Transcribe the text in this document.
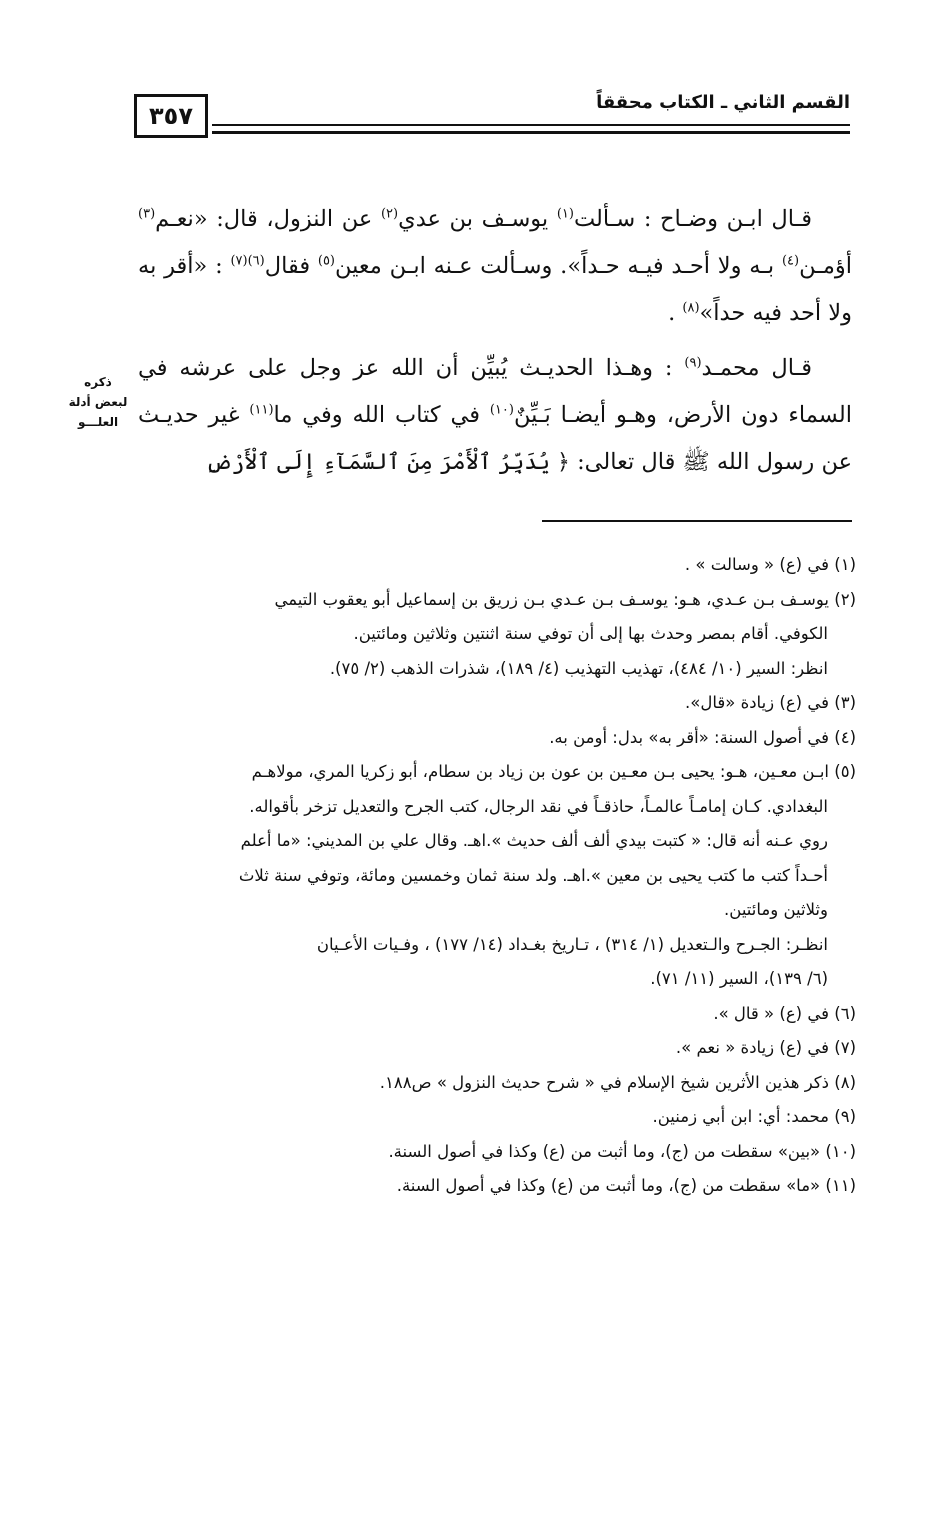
٣٥٧	القسم الثاني ـ الكتاب محققاً
ذكره
لبعض أدلة
العلـــو

قـال ابـن وضـاح : سـألت$^{(١)}$ يوسـف بن عدي$^{(٢)}$ عن النزول، قال: «نعـم$^{(٣)}$ أؤمـن$^{(٤)}$ بـه ولا أحـد فيـه حـداً». وسـألت عـنه ابـن معين$^{(٥)}$ فقال$^{(٦)(٧)}$ : «أقر به ولا أحد فيه حداً»$^{(٨)}$ .

قـال محمـد$^{(٩)}$ : وهـذا الحديـث يُبيِّن أن الله عز وجل على عرشه في السماء دون الأرض، وهـو أيضـا بَـيِّنٌ$^{(١٠)}$ في كتاب الله وفي ما$^{(١١)}$ غير حديـث عن رسول الله ﷺ قال تعالى: ﴿ يُدَبِّرُ ٱلْأَمْرَ مِنَ ٱلسَّمَآءِ إِلَى ٱلْأَرْضِ

(١) في (ع) « وسالت » .
(٢) يوسـف بـن عـدي، هـو: يوسـف بـن عـدي بـن زريق بن إسماعيل أبو يعقوب التيمي
الكوفي. أقام بمصر وحدث بها إلى أن توفي سنة اثنتين وثلاثين ومائتين.
انظر: السير (١٠/ ٤٨٤)، تهذيب التهذيب (٤/ ١٨٩)، شذرات الذهب (٢/ ٧٥).
(٣) في (ع) زيادة «قال».
(٤) في أصول السنة: «أقر به» بدل: أومن به.
(٥) ابـن معـين، هـو: يحيى بـن معـين بن عون بن زياد بن سطام، أبو زكريا المري، مولاهـم
البغدادي. كـان إمامـاً عالمـاً، حاذقـاً في نقد الرجال، كتب الجرح والتعديل تزخر بأقواله.
روي عـنه أنه قال: « كتبت بيدي ألف ألف حديث ».اهـ. وقال علي بن المديني: «ما أعلم
أحـداً كتب ما كتب يحيى بن معين ».اهـ. ولد سنة ثمان وخمسين ومائة، وتوفي سنة ثلاث
وثلاثين ومائتين.
انظـر: الجـرح والـتعديل (١/ ٣١٤) ، تـاريخ بغـداد (١٤/ ١٧٧) ، وفـيات الأعـيان
(٦/ ١٣٩)، السير (١١/ ٧١).
(٦) في (ع) « قال ».
(٧) في (ع) زيادة « نعم ».
(٨) ذكر هذين الأثرين شيخ الإسلام في « شرح حديث النزول » ص١٨٨.
(٩) محمد: أي: ابن أبي زمنين.
(١٠) «بين» سقطت من (ج)، وما أثبت من (ع) وكذا في أصول السنة.
(١١) «ما» سقطت من (ج)، وما أثبت من (ع) وكذا في أصول السنة.
